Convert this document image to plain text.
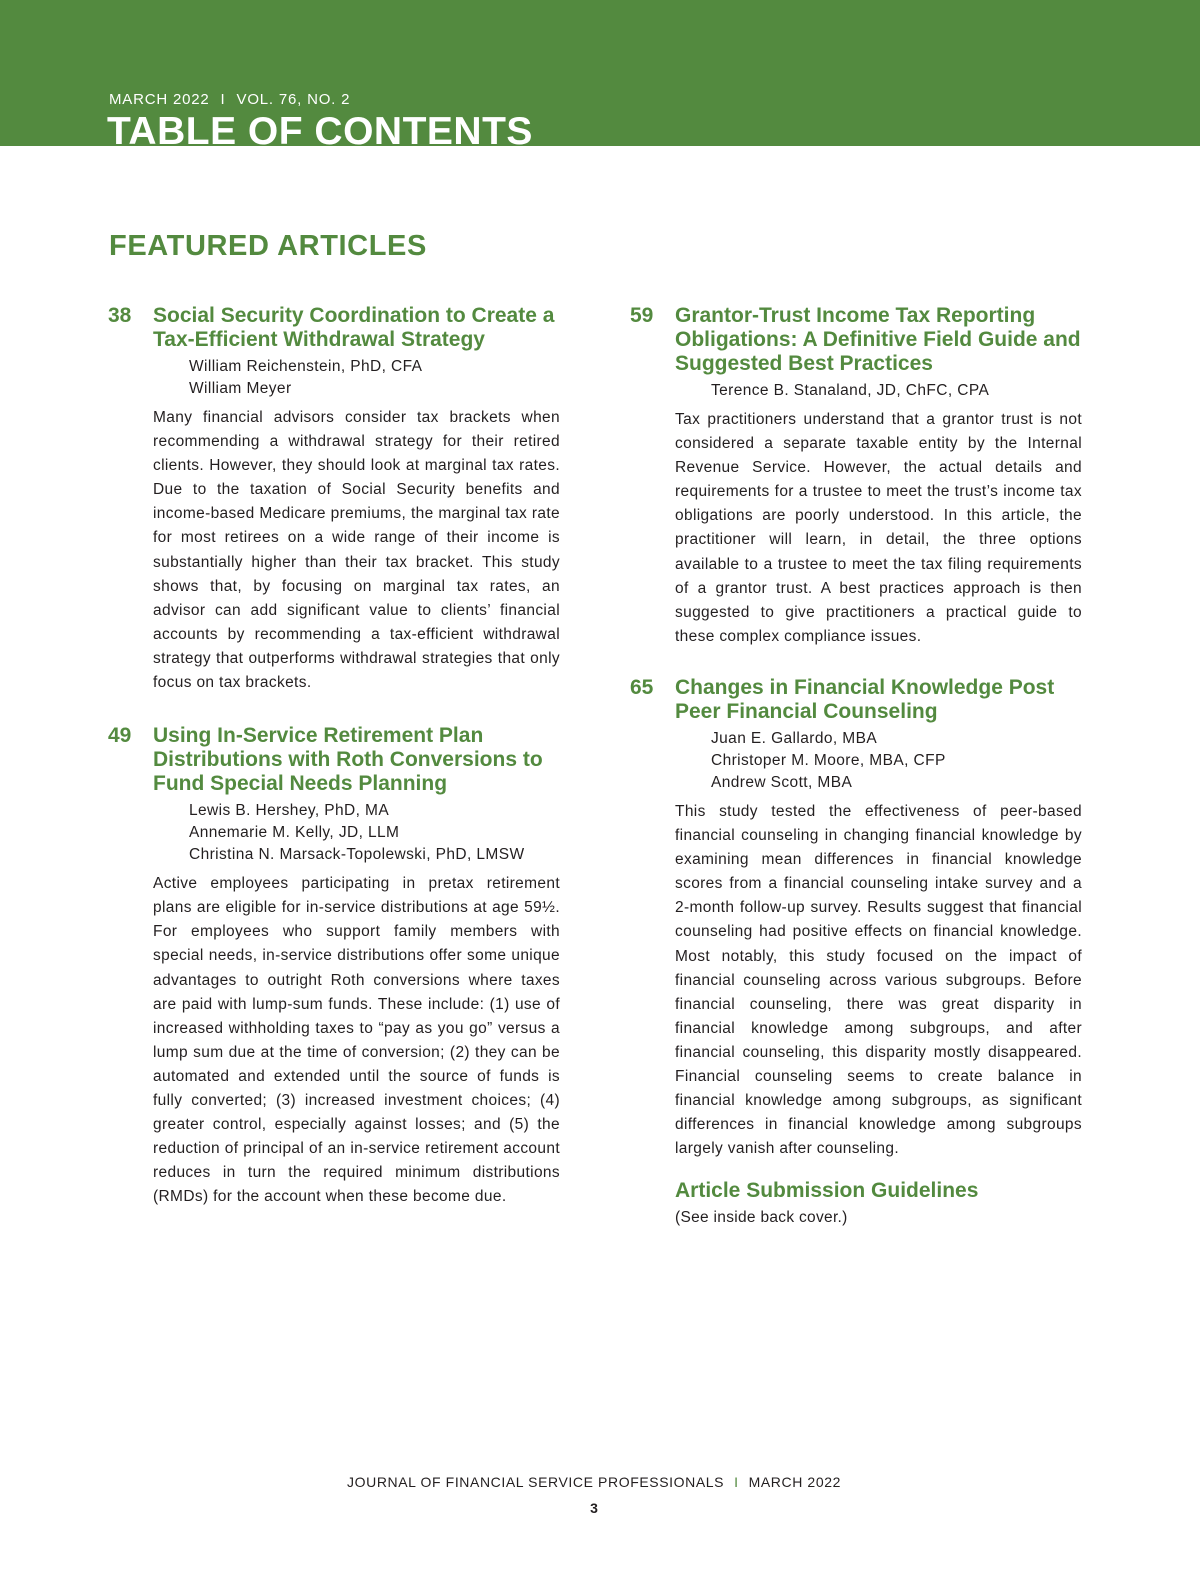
MARCH 2022 I VOL. 76, NO. 2
TABLE OF CONTENTS
FEATURED ARTICLES
38 Social Security Coordination to Create a Tax-Efficient Withdrawal Strategy
William Reichenstein, PhD, CFA
William Meyer

Many financial advisors consider tax brackets when recommending a withdrawal strategy for their retired clients. However, they should look at marginal tax rates. Due to the taxation of Social Security benefits and income-based Medicare premiums, the marginal tax rate for most retirees on a wide range of their income is substantially higher than their tax bracket. This study shows that, by focusing on marginal tax rates, an advisor can add significant value to clients’ financial accounts by recommending a tax-efficient withdrawal strategy that outperforms withdrawal strategies that only focus on tax brackets.

49 Using In-Service Retirement Plan Distributions with Roth Conversions to Fund Special Needs Planning
Lewis B. Hershey, PhD, MA
Annemarie M. Kelly, JD, LLM
Christina N. Marsack-Topolewski, PhD, LMSW

Active employees participating in pretax retirement plans are eligible for in-service distributions at age 59½. For employees who support family members with special needs, in-service distributions offer some unique advantages to outright Roth conversions where taxes are paid with lump-sum funds. These include: (1) use of increased withholding taxes to “pay as you go” versus a lump sum due at the time of conversion; (2) they can be automated and extended until the source of funds is fully converted; (3) increased investment choices; (4) greater control, especially against losses; and (5) the reduction of principal of an in-service retirement account reduces in turn the required minimum distributions (RMDs) for the account when these become due.

59 Grantor-Trust Income Tax Reporting Obligations: A Definitive Field Guide and Suggested Best Practices
Terence B. Stanaland, JD, ChFC, CPA

Tax practitioners understand that a grantor trust is not considered a separate taxable entity by the Internal Revenue Service. However, the actual details and requirements for a trustee to meet the trust’s income tax obligations are poorly understood. In this article, the practitioner will learn, in detail, the three options available to a trustee to meet the tax filing requirements of a grantor trust. A best practices approach is then suggested to give practitioners a practical guide to these complex compliance issues.

65 Changes in Financial Knowledge Post Peer Financial Counseling
Juan E. Gallardo, MBA
Christoper M. Moore, MBA, CFP
Andrew Scott, MBA

This study tested the effectiveness of peer-based financial counseling in changing financial knowledge by examining mean differences in financial knowledge scores from a financial counseling intake survey and a 2-month follow-up survey. Results suggest that financial counseling had positive effects on financial knowledge. Most notably, this study focused on the impact of financial counseling across various subgroups. Before financial counseling, there was great disparity in financial knowledge among subgroups, and after financial counseling, this disparity mostly disappeared. Financial counseling seems to create balance in financial knowledge among subgroups, as significant differences in financial knowledge among subgroups largely vanish after counseling.

Article Submission Guidelines
(See inside back cover.)
JOURNAL OF FINANCIAL SERVICE PROFESSIONALS I MARCH 2022
3
